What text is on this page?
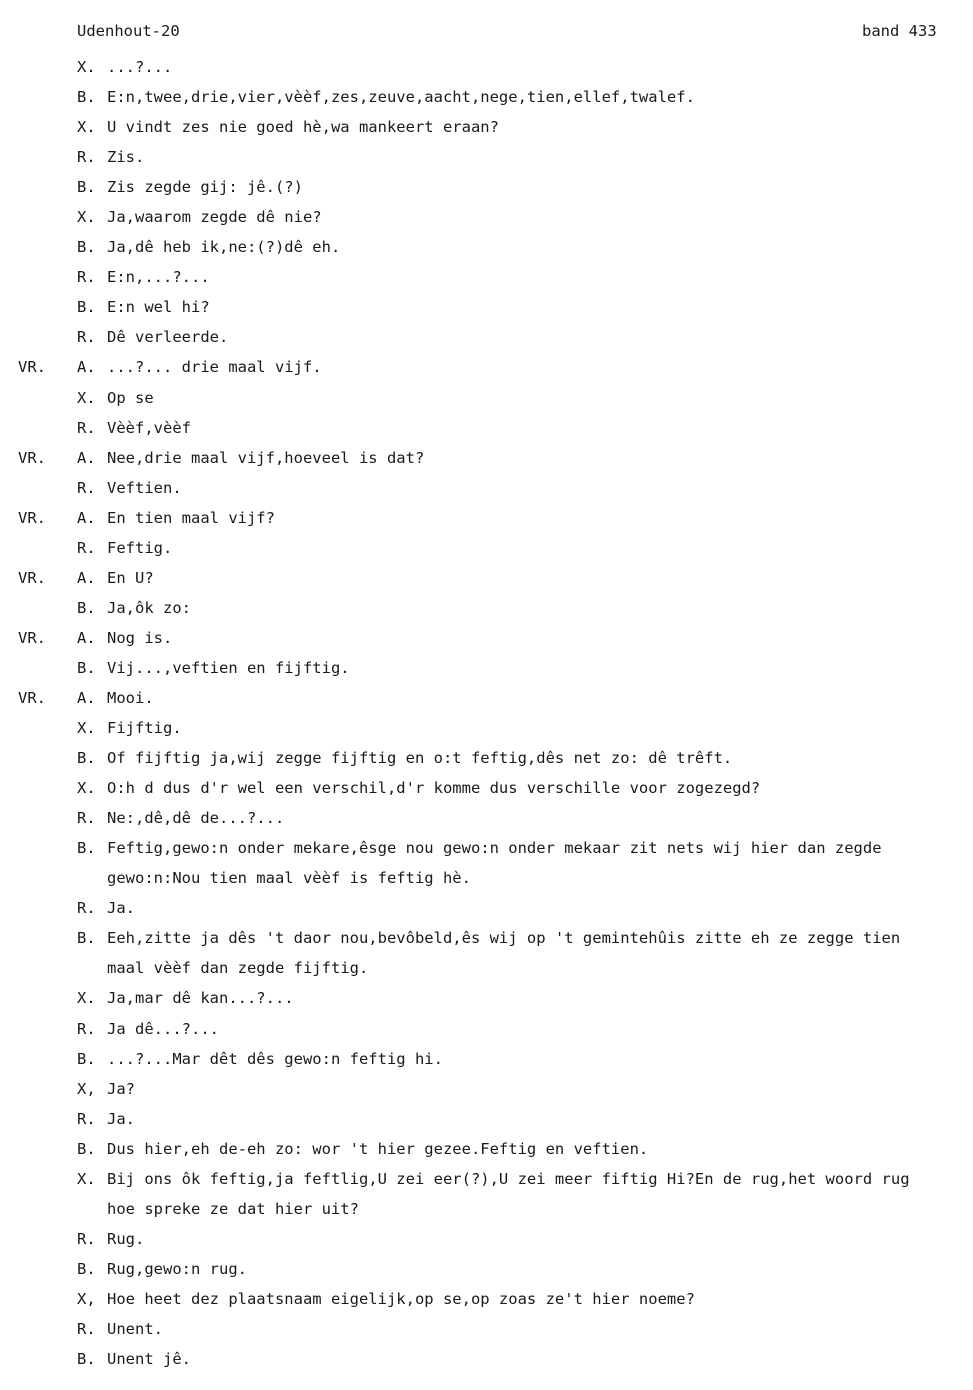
Udenhout-20	band 433
X. ...?...
B. E:n,twee,drie,vier,vèèf,zes,zeuve,aacht,nege,tien,ellef,twalef.
X. U vindt zes nie goed hè,wa mankeert eraan?
R. Zis.
B. Zis zegde gij: jê.(?)
X. Ja,waarom zegde dê nie?
B. Ja,dê heb ik,ne:(?)dê eh.
R. E:n,...?...
B. E:n wel hi?
R. Dê verleerde.
VR. A. ...?... drie maal vijf.
X. Op se
R. Vèèf,vèèf
VR. A. Nee,drie maal vijf,hoeveel is dat?
R. Veftien.
VR. A. En tien maal vijf?
R. Feftig.
VR. A. En U?
B. Ja,ôk zo:
VR. A. Nog is.
B. Vij...,veftien en fijftig.
VR. A. Mooi.
X. Fijftig.
B. Of fijftig ja,wij zegge fijftig en o:t feftig,dês net zo: dê trêft.
X. O:h d dus d'r wel een verschil,d'r komme dus verschille voor zogezegd?
R. Ne:,dê,dê de...?...
B. Feftig,gewo:n onder mekare,êsge nou gewo:n onder mekaar zit nets wij hier dan zegde
gewo:n:Nou tien maal vèèf is feftig hè.
R. Ja.
B. Eeh,zitte ja dês 't daor nou,bevôbeld,ês wij op 't gemintehûis zitte eh ze zegge tien
maal vèèf dan zegde fijftig.
X. Ja,mar dê kan...?...
R. Ja dê...?...
B. ...?...Mar dêt dês gewo:n feftig hi.
X, Ja?
R. Ja.
B. Dus hier,eh de-eh zo: wor 't hier gezee.Feftig en veftien.
X. Bij ons ôk feftig,ja feftlig,U zei eer(?),U zei meer fiftig Hi?En de rug,het woord rug
hoe spreke ze dat hier uit?
R. Rug.
B. Rug,gewo:n rug.
X, Hoe heet dez plaatsnaam eigelijk,op se,op zoas ze't hier noeme?
R. Unent.
B. Unent jê.
